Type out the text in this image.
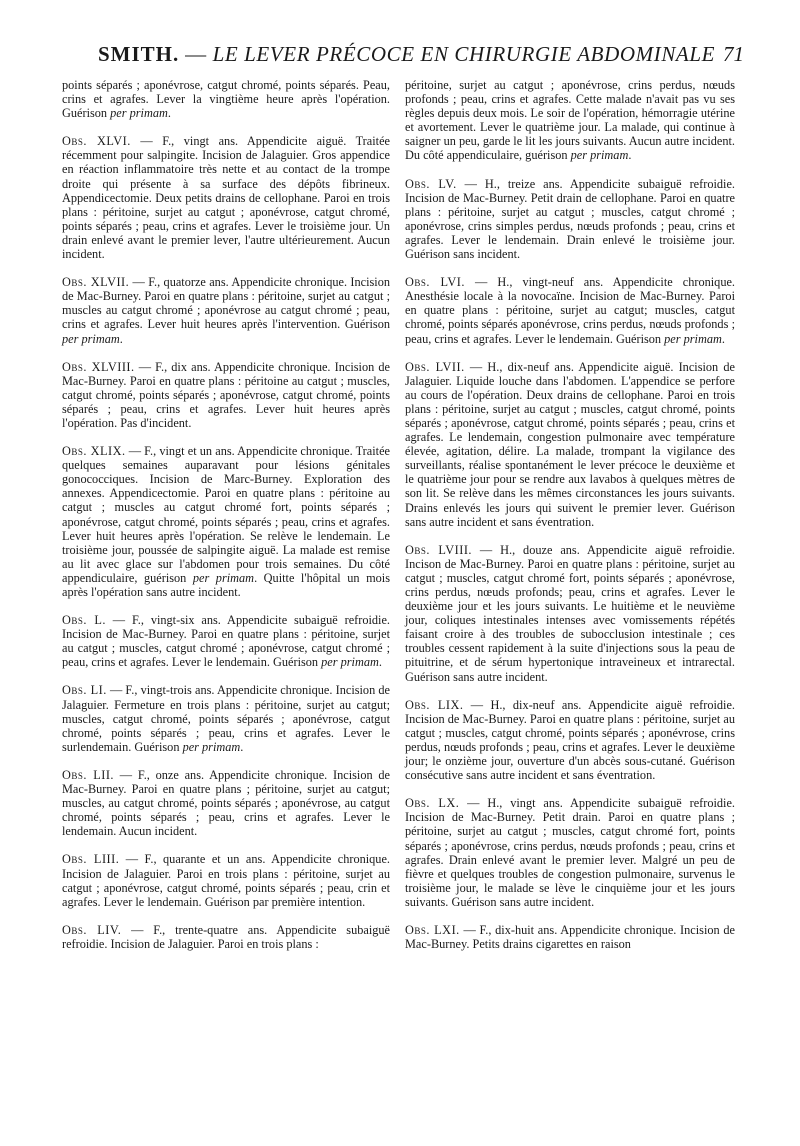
SMITH. — LE LEVER PRÉCOCE EN CHIRURGIE ABDOMINALE 71

points séparés ; aponévrose, catgut chromé, points séparés. Peau, crins et agrafes. Lever la vingtième heure après l'opération. Guérison per primam.

Obs. XLVI. — F., vingt ans. Appendicite aiguë. Traitée récemment pour salpingite. Incision de Jalaguier. Gros appendice en réaction inflammatoire très nette et au contact de la trompe droite qui présente à sa surface des dépôts fibrineux. Appendicectomie. Deux petits drains de cellophane. Paroi en trois plans : péritoine, surjet au catgut ; aponévrose, catgut chromé, points séparés ; peau, crins et agrafes. Lever le troisième jour. Un drain enlevé avant le premier lever, l'autre ultérieurement. Aucun incident.

Obs. XLVII. — F., quatorze ans. Appendicite chronique. Incision de Mac-Burney. Paroi en quatre plans : péritoine, surjet au catgut ; muscles au catgut chromé ; aponévrose au catgut chromé ; peau, crins et agrafes. Lever huit heures après l'intervention. Guérison per primam.

Obs. XLVIII. — F., dix ans. Appendicite chronique. Incision de Mac-Burney. Paroi en quatre plans : péritoine au catgut ; muscles, catgut chromé, points séparés ; aponévrose, catgut chromé, points séparés ; peau, crins et agrafes. Lever huit heures après l'opération. Pas d'incident.

Obs. XLIX. — F., vingt et un ans. Appendicite chronique. Traitée quelques semaines auparavant pour lésions génitales gonococciques. Incision de Marc-Burney. Exploration des annexes. Appendicectomie. Paroi en quatre plans : péritoine au catgut ; muscles au catgut chromé fort, points séparés ; aponévrose, catgut chromé, points séparés ; peau, crins et agrafes. Lever huit heures après l'opération. Se relève le lendemain. Le troisième jour, poussée de salpingite aiguë. La malade est remise au lit avec glace sur l'abdomen pour trois semaines. Du côté appendiculaire, guérison per primam. Quitte l'hôpital un mois après l'opération sans autre incident.

Obs. L. — F., vingt-six ans. Appendicite subaiguë refroidie. Incision de Mac-Burney. Paroi en quatre plans : péritoine, surjet au catgut ; muscles, catgut chromé ; aponévrose, catgut chromé ; peau, crins et agrafes. Lever le lendemain. Guérison per primam.

Obs. LI. — F., vingt-trois ans. Appendicite chronique. Incision de Jalaguier. Fermeture en trois plans : péritoine, surjet au catgut; muscles, catgut chromé, points séparés ; aponévrose, catgut chromé, points séparés ; peau, crins et agrafes. Lever le surlendemain. Guérison per primam.

Obs. LII. — F., onze ans. Appendicite chronique. Incision de Mac-Burney. Paroi en quatre plans ; péritoine, surjet au catgut; muscles, au catgut chromé, points séparés ; aponévrose, au catgut chromé, points séparés ; peau, crins et agrafes. Lever le lendemain. Aucun incident.

Obs. LIII. — F., quarante et un ans. Appendicite chronique. Incision de Jalaguier. Paroi en trois plans : péritoine, surjet au catgut ; aponévrose, catgut chromé, points séparés ; peau, crin et agrafes. Lever le lendemain. Guérison par première intention.

Obs. LIV. — F., trente-quatre ans. Appendicite subaiguë refroidie. Incision de Jalaguier. Paroi en trois plans :

péritoine, surjet au catgut ; aponévrose, crins perdus, nœuds profonds ; peau, crins et agrafes. Cette malade n'avait pas vu ses règles depuis deux mois. Le soir de l'opération, hémorragie utérine et avortement. Lever le quatrième jour. La malade, qui continue à saigner un peu, garde le lit les jours suivants. Aucun autre incident. Du côté appendiculaire, guérison per primam.

Obs. LV. — H., treize ans. Appendicite subaiguë refroidie. Incision de Mac-Burney. Petit drain de cellophane. Paroi en quatre plans : péritoine, surjet au catgut ; muscles, catgut chromé ; aponévrose, crins simples perdus, nœuds profonds ; peau, crins et agrafes. Lever le lendemain. Drain enlevé le troisième jour. Guérison sans incident.

Obs. LVI. — H., vingt-neuf ans. Appendicite chronique. Anesthésie locale à la novocaïne. Incision de Mac-Burney. Paroi en quatre plans : péritoine, surjet au catgut; muscles, catgut chromé, points séparés aponévrose, crins perdus, nœuds profonds ; peau, crins et agrafes. Lever le lendemain. Guérison per primam.

Obs. LVII. — H., dix-neuf ans. Appendicite aiguë. Incision de Jalaguier. Liquide louche dans l'abdomen. L'appendice se perfore au cours de l'opération. Deux drains de cellophane. Paroi en trois plans : péritoine, surjet au catgut ; muscles, catgut chromé, points séparés ; aponévrose, catgut chromé, points séparés ; peau, crins et agrafes. Le lendemain, congestion pulmonaire avec température élevée, agitation, délire. La malade, trompant la vigilance des surveillants, réalise spontanément le lever précoce le deuxième et le quatrième jour pour se rendre aux lavabos à quelques mètres de son lit. Se relève dans les mêmes circonstances les jours suivants. Drains enlevés les jours qui suivent le premier lever. Guérison sans autre incident et sans éventration.

Obs. LVIII. — H., douze ans. Appendicite aiguë refroidie. Incison de Mac-Burney. Paroi en quatre plans : péritoine, surjet au catgut ; muscles, catgut chromé fort, points séparés ; aponévrose, crins perdus, nœuds profonds; peau, crins et agrafes. Lever le deuxième jour et les jours suivants. Le huitième et le neuvième jour, coliques intestinales intenses avec vomissements répétés faisant croire à des troubles de subocclusion intestinale ; ces troubles cessent rapidement à la suite d'injections sous la peau de pituitrine, et de sérum hypertonique intraveineux et intrarectal. Guérison sans autre incident.

Obs. LIX. — H., dix-neuf ans. Appendicite aiguë refroidie. Incision de Mac-Burney. Paroi en quatre plans : péritoine, surjet au catgut ; muscles, catgut chromé, points séparés ; aponévrose, crins perdus, nœuds profonds ; peau, crins et agrafes. Lever le deuxième jour; le onzième jour, ouverture d'un abcès sous-cutané. Guérison consécutive sans autre incident et sans éventration.

Obs. LX. — H., vingt ans. Appendicite subaiguë refroidie. Incision de Mac-Burney. Petit drain. Paroi en quatre plans ; péritoine, surjet au catgut ; muscles, catgut chromé fort, points séparés ; aponévrose, crins perdus, nœuds profonds ; peau, crins et agrafes. Drain enlevé avant le premier lever. Malgré un peu de fièvre et quelques troubles de congestion pulmonaire, survenus le troisième jour, le malade se lève le cinquième jour et les jours suivants. Guérison sans autre incident.

Obs. LXI. — F., dix-huit ans. Appendicite chronique. Incision de Mac-Burney. Petits drains cigarettes en raison
